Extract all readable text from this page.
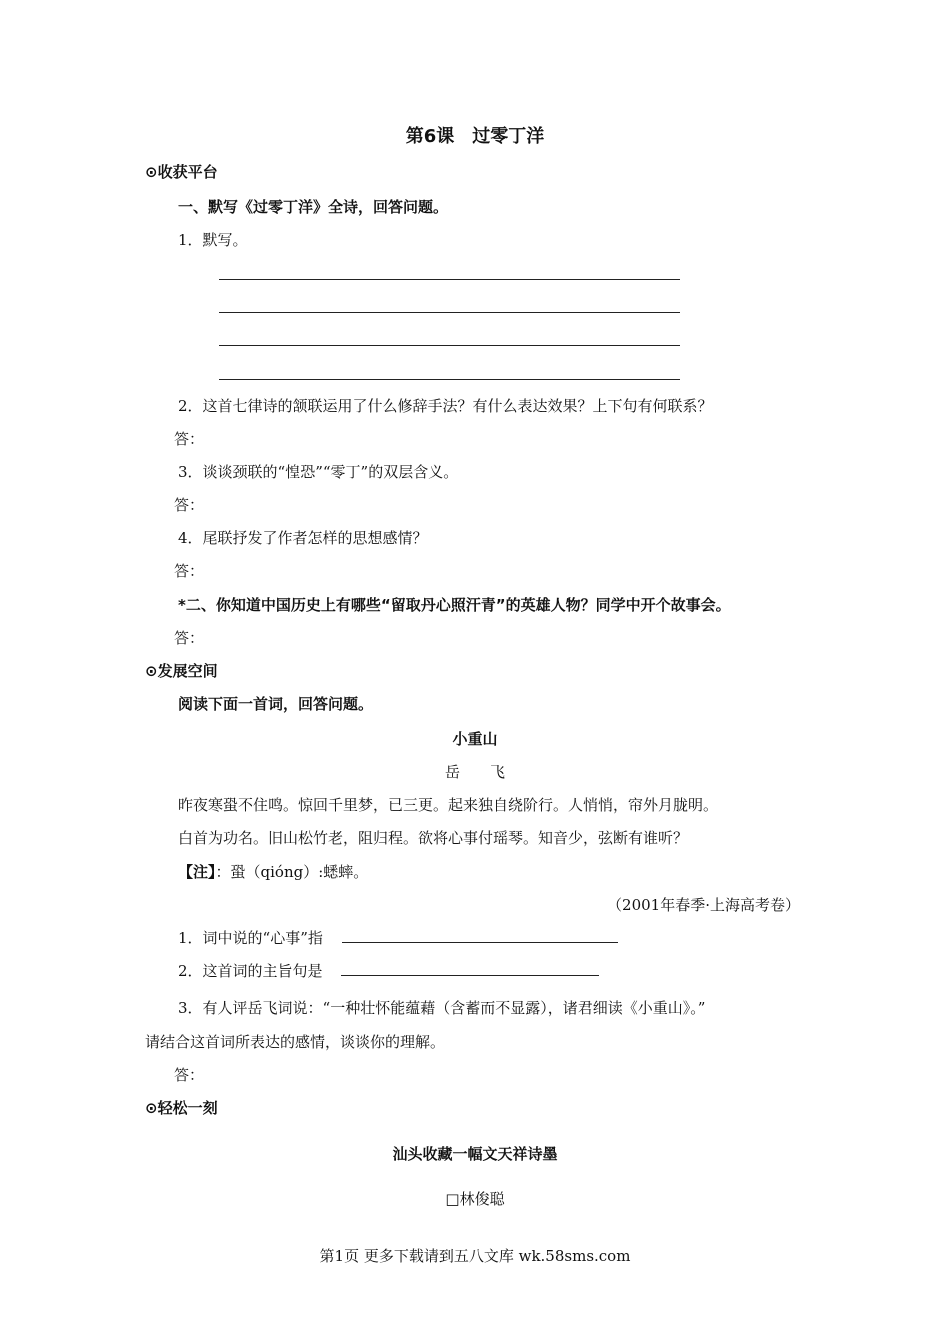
第6课　过零丁洋
⊙收获平台
一、默写《过零丁洋》全诗，回答问题。
1．默写。
2．这首七律诗的颔联运用了什么修辞手法？有什么表达效果？上下句有何联系？
答：
3．谈谈颈联的“惶恐”“零丁”的双层含义。
答：
4．尾联抒发了作者怎样的思想感情？
答：
*二、你知道中国历史上有哪些“留取丹心照汗青”的英雄人物？同学中开个故事会。
答：
⊙发展空间
阅读下面一首词，回答问题。
小重山
岳　　飞
昨夜寒蛩不住鸣。惊回千里梦，已三更。起来独自绕阶行。人悄悄，帘外月胧明。
白首为功名。旧山松竹老，阻归程。欲将心事付瑶琴。知音少，弦断有谁听？
【注】：蛩（qióng）:蟋蟀。
（2001年春季·上海高考卷）
1．词中说的“心事”指
2．这首词的主旨句是
3．有人评岳飞词说：“一种壮怀能蕴藉（含蓄而不显露），诸君细读《小重山》。”
请结合这首词所表达的感情，谈谈你的理解。
答：
⊙轻松一刻
汕头收藏一幅文天祥诗墨
□林俊聪
第1页 更多下载请到五八文库 wk.58sms.com
